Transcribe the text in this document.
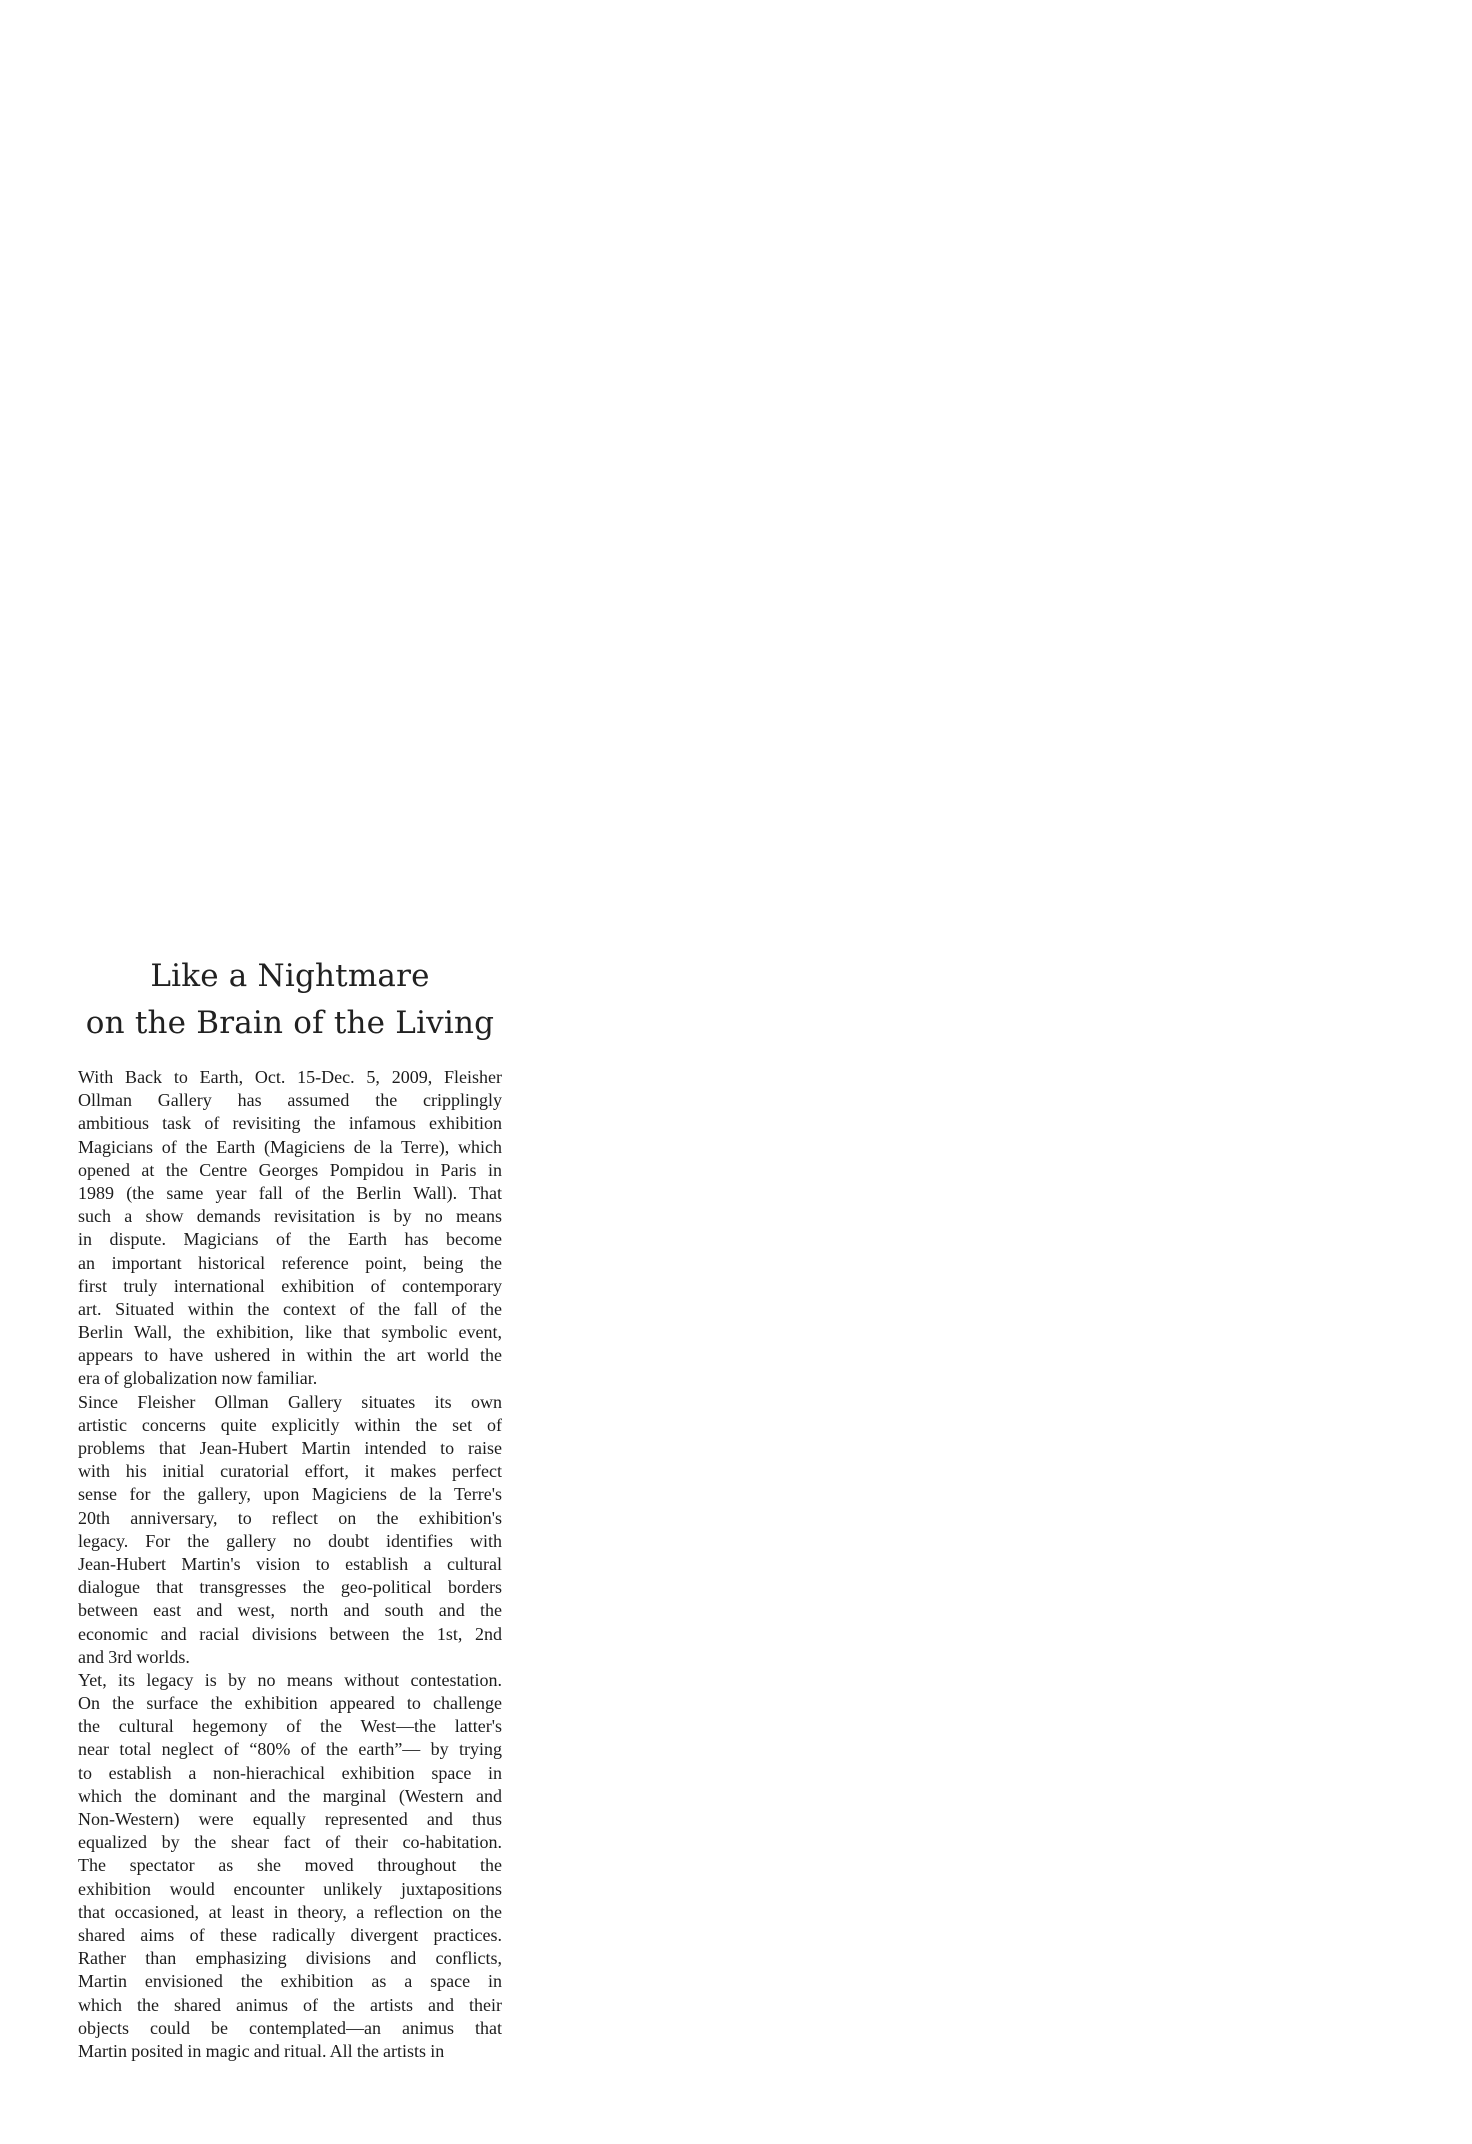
Like a Nightmare
on the Brain of the Living
With Back to Earth, Oct. 15-Dec. 5, 2009, Fleisher
Ollman Gallery has assumed the cripplingly
ambitious task of revisiting the infamous exhibition
Magicians of the Earth (Magiciens de la Terre), which
opened at the Centre Georges Pompidou in Paris in
1989 (the same year fall of the Berlin Wall). That
such a show demands revisitation is by no means
in dispute. Magicians of the Earth has become
an important historical reference point, being the
first truly international exhibition of contemporary
art. Situated within the context of the fall of the
Berlin Wall, the exhibition, like that symbolic event,
appears to have ushered in within the art world the
era of globalization now familiar.
Since Fleisher Ollman Gallery situates its own
artistic concerns quite explicitly within the set of
problems that Jean-Hubert Martin intended to raise
with his initial curatorial effort, it makes perfect
sense for the gallery, upon Magiciens de la Terre's
20th anniversary, to reflect on the exhibition's
legacy. For the gallery no doubt identifies with
Jean-Hubert Martin's vision to establish a cultural
dialogue that transgresses the geo-political borders
between east and west, north and south and the
economic and racial divisions between the 1st, 2nd
and 3rd worlds.
Yet, its legacy is by no means without contestation.
On the surface the exhibition appeared to challenge
the cultural hegemony of the West—the latter's
near total neglect of “80% of the earth”— by trying
to establish a non-hierachical exhibition space in
which the dominant and the marginal (Western and
Non-Western) were equally represented and thus
equalized by the shear fact of their co-habitation.
The spectator as she moved throughout the
exhibition would encounter unlikely juxtapositions
that occasioned, at least in theory, a reflection on the
shared aims of these radically divergent practices.
Rather than emphasizing divisions and conflicts,
Martin envisioned the exhibition as a space in
which the shared animus of the artists and their
objects could be contemplated—an animus that
Martin posited in magic and ritual. All the artists in
